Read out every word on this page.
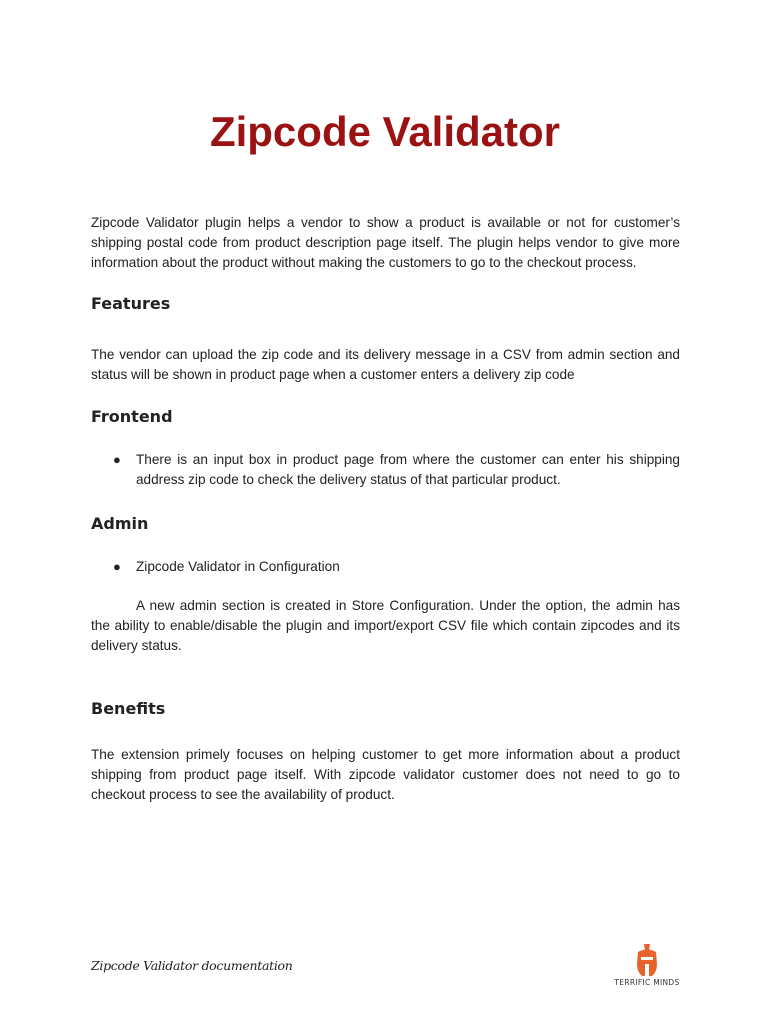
Zipcode Validator

Zipcode Validator plugin helps a vendor to show a product is available or not for customer’s shipping postal code from product description page itself. The plugin helps vendor to give more information about the product without making the customers to go to the checkout process.

Features

The vendor can upload the zip code and its delivery message in a CSV from admin section and status will be shown in product page when a customer enters a delivery zip code

Frontend
● There is an input box in product page from where the customer can enter his shipping address zip code to check the delivery status of that particular product.

Admin
● Zipcode Validator in Configuration

A new admin section is created in Store Configuration. Under the option, the admin has the ability to enable/disable the plugin and import/export CSV file which contain zipcodes and its delivery status.

Benefits

The extension primely focuses on helping customer to get more information about a product shipping from product page itself. With zipcode validator customer does not need to go to checkout process to see the availability of product.

Zipcode Validator documentation

TERRIFIC MINDS
